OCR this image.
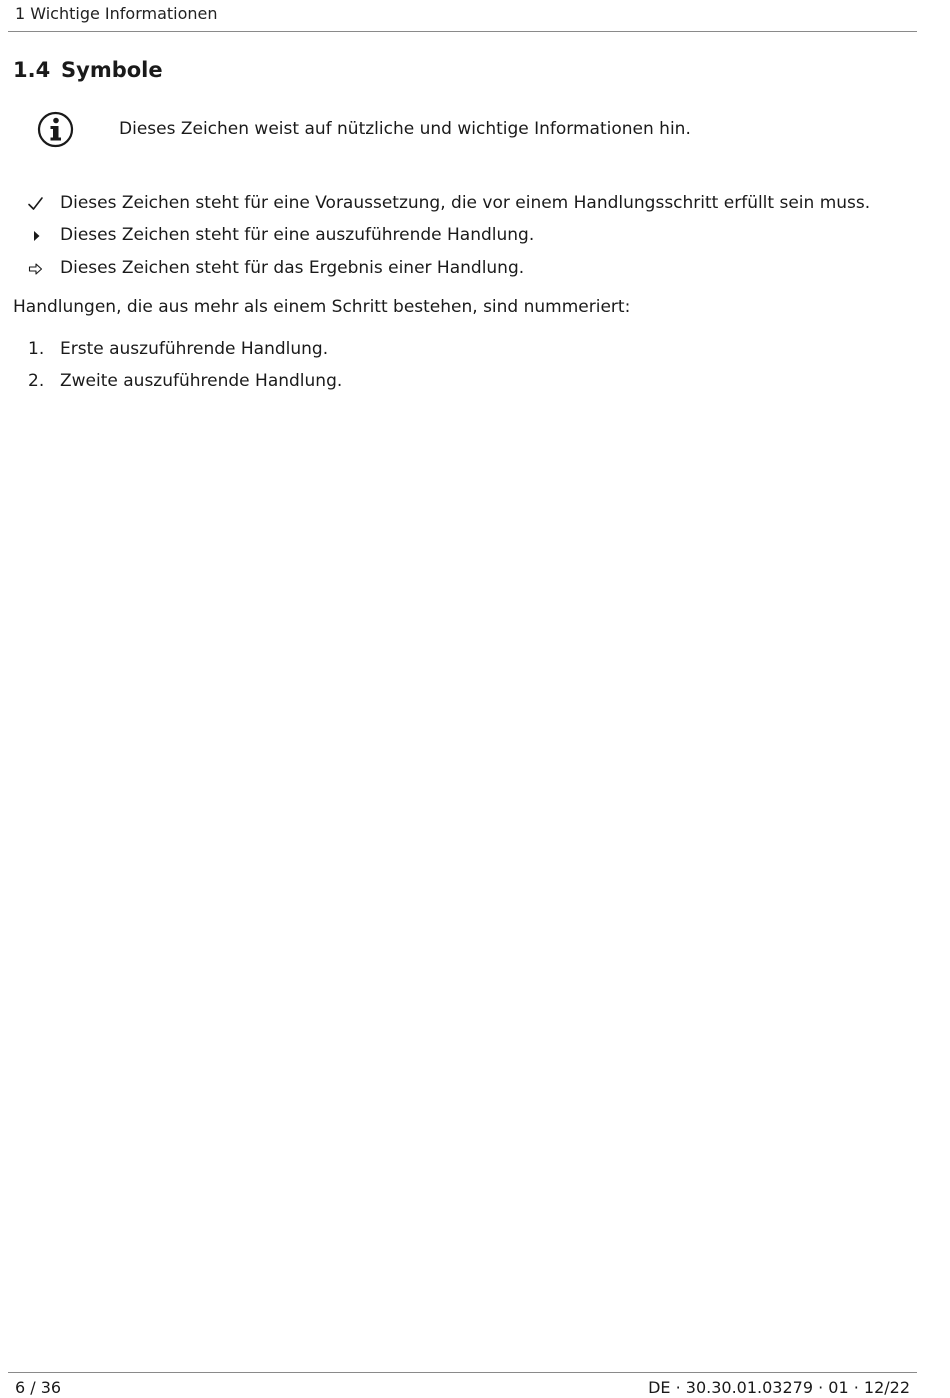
1 Wichtige Informationen
1.4 Symbole
Dieses Zeichen weist auf nützliche und wichtige Informationen hin.
Dieses Zeichen steht für eine Voraussetzung, die vor einem Handlungsschritt erfüllt sein muss.
Dieses Zeichen steht für eine auszuführende Handlung.
Dieses Zeichen steht für das Ergebnis einer Handlung.
Handlungen, die aus mehr als einem Schritt bestehen, sind nummeriert:
1. Erste auszuführende Handlung.
2. Zweite auszuführende Handlung.
6 / 36	DE · 30.30.01.03279 · 01 · 12/22
